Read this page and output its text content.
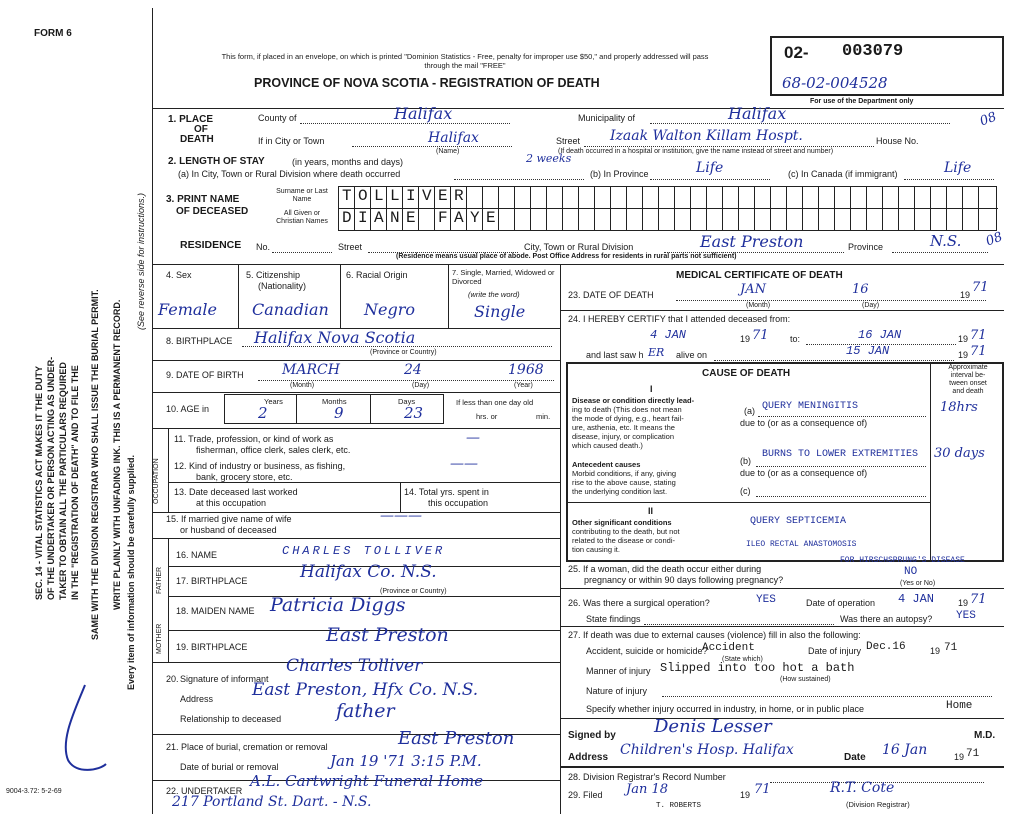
FORM 6
This form, if placed in an envelope, on which is printed "Dominion Statistics - Free, penalty for improper use $50," and properly addressed will pass through the mail "FREE"
PROVINCE OF NOVA SCOTIA - REGISTRATION OF DEATH
02- 003079
68-02-004528
For use of the Department only
SEC. 14 - VITAL STATISTICS ACT MAKES IT THE DUTY OF THE UNDERTAKER OR PERSON ACTING AS UNDER- TAKER TO OBTAIN ALL THE PARTICULARS REQUIRED IN THE "REGISTRATION OF DEATH" AND TO FILE THE SAME WITH THE DIVISION REGISTRAR WHO SHALL ISSUE THE BURIAL PERMIT. WRITE PLAINLY WITH UNFADING INK. THIS IS A PERMANENT RECORD. Every item of information should be carefully supplied.
(See reverse side for instructions.)
9004-3.72: 5-2-69
1. PLACE
OF
DEATH
County of	Halifax	Municipality of	Halifax	08
If in City or Town	Halifax
(Name)
Street Izaak Walton Killam Hospt.	House No.
(If death occurred in a hospital or institution, give the name instead of street and number)
2. LENGTH OF STAY	(in years, months and days)
(a) In City, Town or Rural Division where death occurred
2 weeks
(b) In Province	Life	(c) In Canada (if immigrant)	Life
3. PRINT NAME
OF DECEASED
Surname or Last Name
All Given or Christian Names
TOLLIVER
DIANE FAYE
RESIDENCE No.	Street	City, Town or Rural Division	East Preston	Province	N.S. 08
(Residence means usual place of abode. Post Office Address for residents in rural parts not sufficient)
4. Sex
Female
5. Citizenship
(Nationality)
Canadian
6. Racial Origin
Negro
7. Single, Married, Widowed or Divorced
(write the word)
Single
8. BIRTHPLACE Halifax Nova Scotia
(Province or Country)
9. DATE OF BIRTH	MARCH	24	1968
(Month)	(Day)	(Year)
10. AGE in
Years	Months	Days
2	9	23
If less than one day old
hrs. or	min.
OCCUPATION
11. Trade, profession, or kind of work as
fisherman, office clerk, sales clerk, etc.
—
12. Kind of industry or business, as fishing,
bank, grocery store, etc.
——
13. Date deceased last worked
at this occupation
14. Total yrs. spent in
this occupation
15. If married give name of wife
or husband of deceased
———
FATHER
MOTHER
16. NAME	CHARLES TOLLIVER
17. BIRTHPLACE	Halifax Co. N.S.
(Province or Country)
18. MAIDEN NAME Patricia Diggs
19. BIRTHPLACE
East Preston
20. Signature of informant
Charles Tolliver
Address East Preston, Hfx Co. N.S.
Relationship to deceased	father
21. Place of burial, cremation or removal	East Preston
Date of burial or removal	Jan 19 '71 3:15 P.M.
22. UNDERTAKER
A.L. Cartwright Funeral Home
217 Portland St. Dart. - N.S.
MEDICAL CERTIFICATE OF DEATH
23. DATE OF DEATH	JAN	16	19 71
(Month)	(Day)
24. I HEREBY CERTIFY that I attended deceased from:
4 JAN	19 71 to:	16 JAN	19 71
and last saw h ER alive on	15 JAN	19 71
CAUSE OF DEATH
Approximate
interval be-
tween onset
and death
I
Disease or condition directly lead-
ing to death (This does not mean
the mode of dying, e.g., heart fail-
ure, asthenia, etc. It means the
disease, injury, or complication
which caused death.)
(a) QUERY MENINGITIS	18hrs
due to (or as a consequence of)
Antecedent causes
Morbid conditions, if any, giving
rise to the above cause, stating
the underlying condition last.
(b)
BURNS TO LOWER EXTREMITIES 30 days
due to (or as a consequence of)
(c)
II
Other significant conditions
contributing to the death, but not
related to the disease or condi-
tion causing it.
QUERY SEPTICEMIA
ILEO RECTAL ANASTOMOSIS
FOR HIRSCHSPRUNG'S DISEASE
25. If a woman, did the death occur either during
pregnancy or within 90 days following pregnancy?
NO
(Yes or No)
26. Was there a surgical operation?	YES	Date of operation 4 JAN	19 71
State findings	Was there an autopsy? YES
27. If death was due to external causes (violence) fill in also the following:
Accident, suicide or homicide?
Accident
(State which)
Date of injury Dec.16	19 71
Manner of injury Slipped into too hot a bath
(How sustained)
Nature of injury
Specify whether injury occurred in industry, in home, or in public place	Home
Signed by Denis Lesser	M.D.
Address Children's Hosp. Halifax	Date 16 Jan	19 71
28. Division Registrar's Record Number
29. Filed Jan 18	19 71	R.T. Cote
(Division Registrar)
T. ROBERTS
